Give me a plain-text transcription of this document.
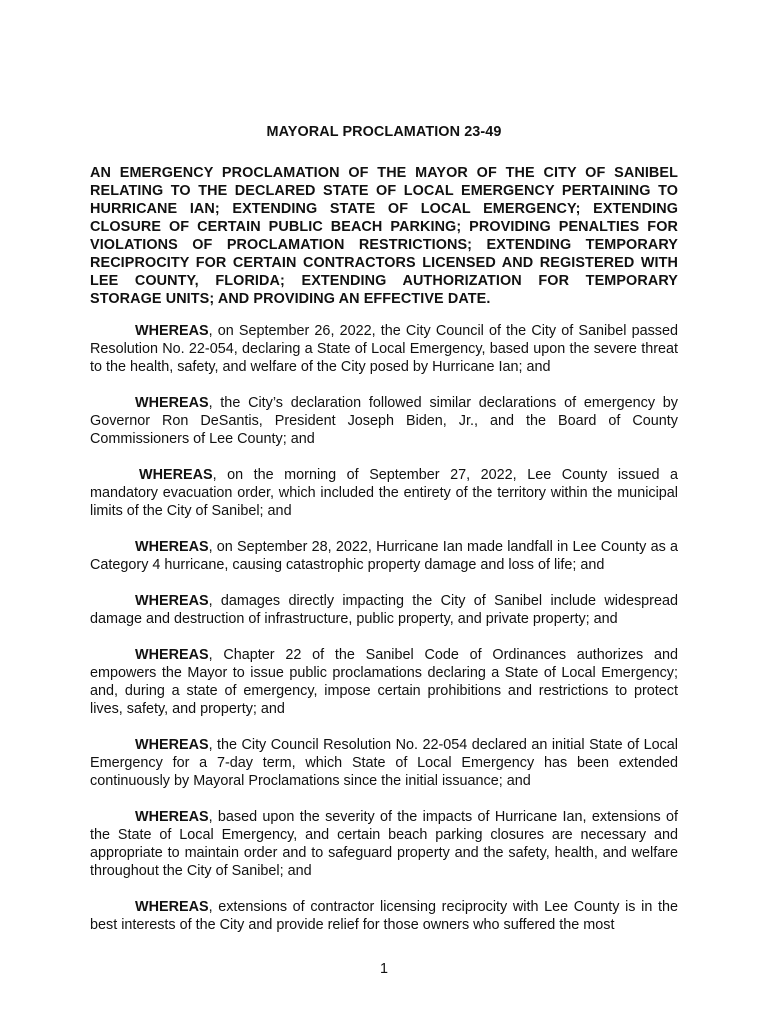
MAYORAL PROCLAMATION 23-49
AN EMERGENCY PROCLAMATION OF THE MAYOR OF THE CITY OF SANIBEL RELATING TO THE DECLARED STATE OF LOCAL EMERGENCY PERTAINING TO HURRICANE IAN; EXTENDING STATE OF LOCAL EMERGENCY; EXTENDING CLOSURE OF CERTAIN PUBLIC BEACH PARKING; PROVIDING PENALTIES FOR VIOLATIONS OF PROCLAMATION RESTRICTIONS; EXTENDING TEMPORARY RECIPROCITY FOR CERTAIN CONTRACTORS LICENSED AND REGISTERED WITH LEE COUNTY, FLORIDA; EXTENDING AUTHORIZATION FOR TEMPORARY STORAGE UNITS; AND PROVIDING AN EFFECTIVE DATE.

WHEREAS, on September 26, 2022, the City Council of the City of Sanibel passed Resolution No. 22-054, declaring a State of Local Emergency, based upon the severe threat to the health, safety, and welfare of the City posed by Hurricane Ian; and

WHEREAS, the City’s declaration followed similar declarations of emergency by Governor Ron DeSantis, President Joseph Biden, Jr., and the Board of County Commissioners of Lee County; and

WHEREAS, on the morning of September 27, 2022, Lee County issued a mandatory evacuation order, which included the entirety of the territory within the municipal limits of the City of Sanibel; and

WHEREAS, on September 28, 2022, Hurricane Ian made landfall in Lee County as a Category 4 hurricane, causing catastrophic property damage and loss of life; and

WHEREAS, damages directly impacting the City of Sanibel include widespread damage and destruction of infrastructure, public property, and private property; and

WHEREAS, Chapter 22 of the Sanibel Code of Ordinances authorizes and empowers the Mayor to issue public proclamations declaring a State of Local Emergency; and, during a state of emergency, impose certain prohibitions and restrictions to protect lives, safety, and property; and

WHEREAS, the City Council Resolution No. 22-054 declared an initial State of Local Emergency for a 7-day term, which State of Local Emergency has been extended continuously by Mayoral Proclamations since the initial issuance; and

WHEREAS, based upon the severity of the impacts of Hurricane Ian, extensions of the State of Local Emergency, and certain beach parking closures are necessary and appropriate to maintain order and to safeguard property and the safety, health, and welfare throughout the City of Sanibel; and

WHEREAS, extensions of contractor licensing reciprocity with Lee County is in the best interests of the City and provide relief for those owners who suffered the most

1
